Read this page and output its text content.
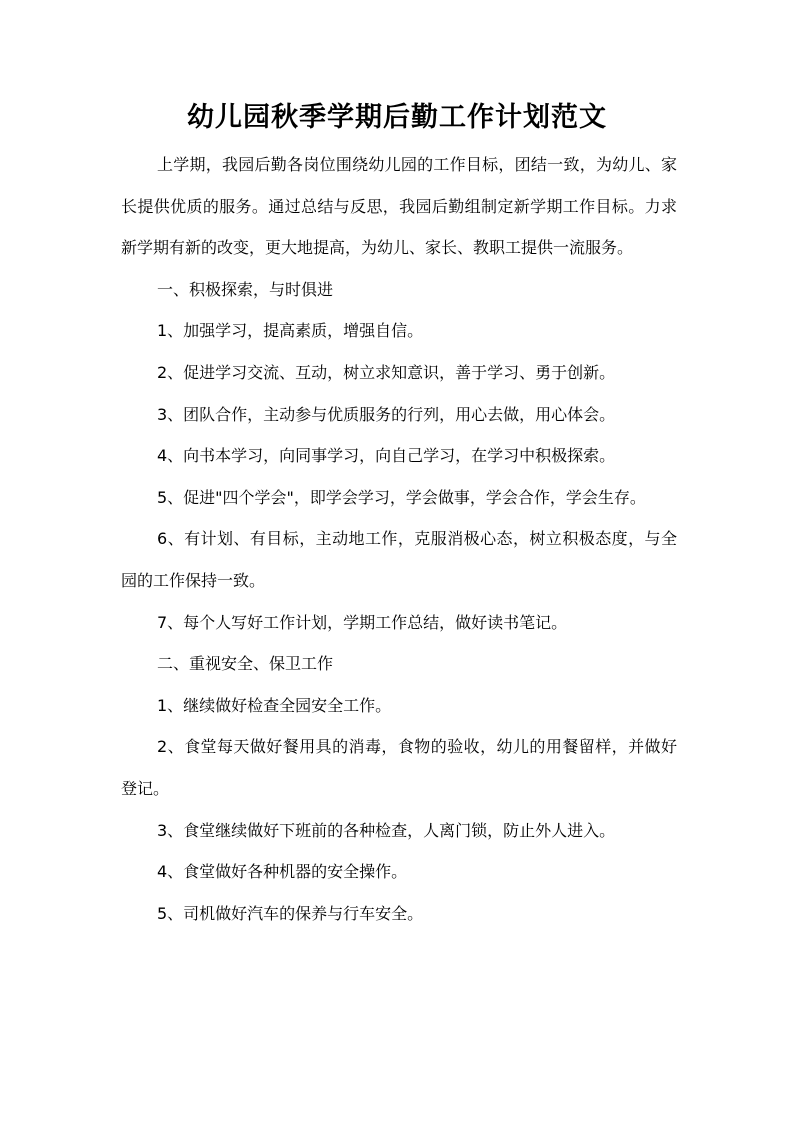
幼儿园秋季学期后勤工作计划范文

上学期，我园后勤各岗位围绕幼儿园的工作目标，团结一致，为幼儿、家长提供优质的服务。通过总结与反思，我园后勤组制定新学期工作目标。力求新学期有新的改变，更大地提高，为幼儿、家长、教职工提供一流服务。

一、积极探索，与时俱进

1、加强学习，提高素质，增强自信。

2、促进学习交流、互动，树立求知意识，善于学习、勇于创新。

3、团队合作，主动参与优质服务的行列，用心去做，用心体会。

4、向书本学习，向同事学习，向自己学习，在学习中积极探索。

5、促进"四个学会"，即学会学习，学会做事，学会合作，学会生存。

6、有计划、有目标，主动地工作，克服消极心态，树立积极态度，与全园的工作保持一致。

7、每个人写好工作计划，学期工作总结，做好读书笔记。

二、重视安全、保卫工作

1、继续做好检查全园安全工作。

2、食堂每天做好餐用具的消毒，食物的验收，幼儿的用餐留样，并做好登记。

3、食堂继续做好下班前的各种检查，人离门锁，防止外人进入。

4、食堂做好各种机器的安全操作。

5、司机做好汽车的保养与行车安全。
